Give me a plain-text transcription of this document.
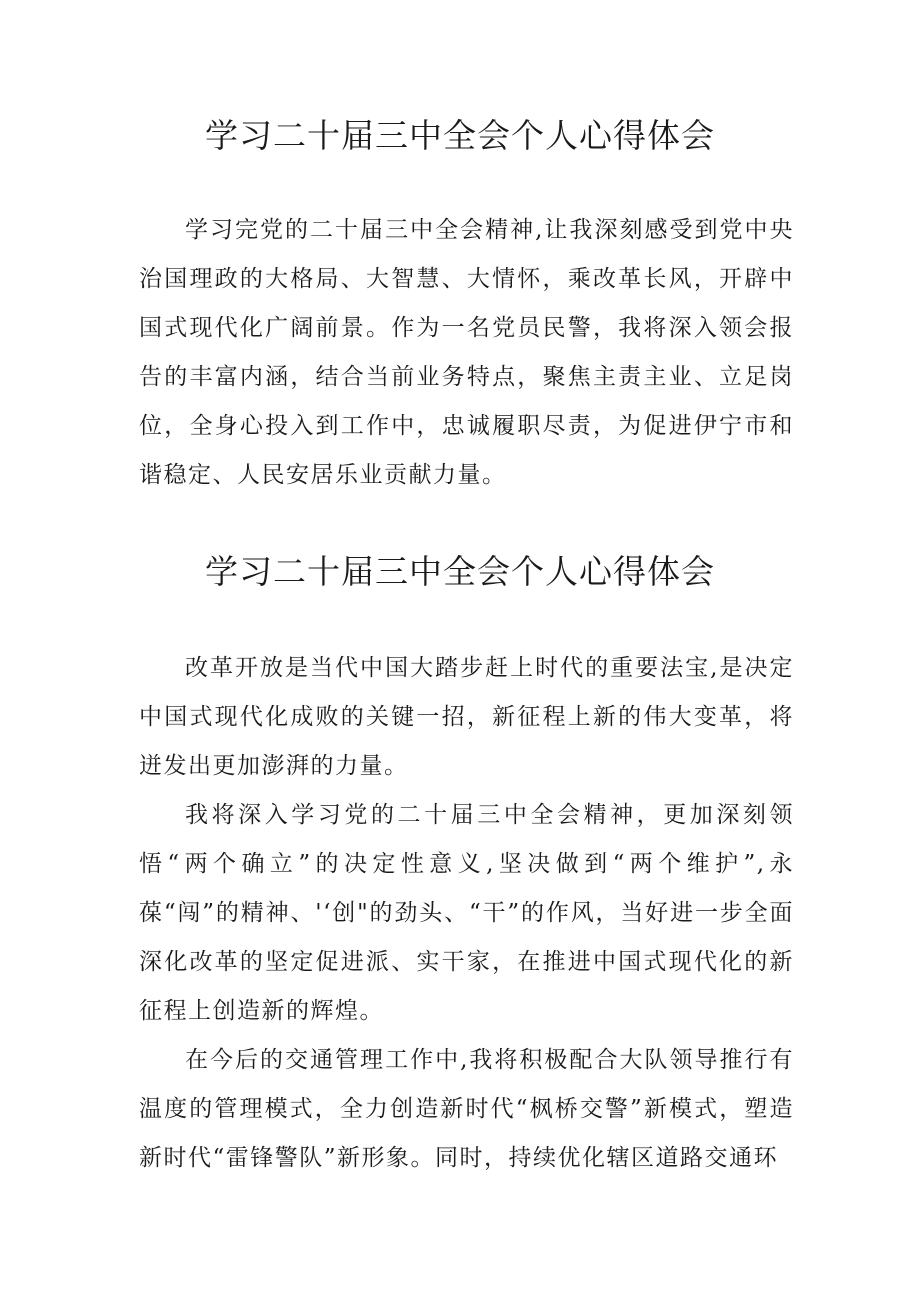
学习二十届三中全会个人心得体会

学习完党的二十届三中全会精神,让我深刻感受到党中央治国理政的大格局、大智慧、大情怀，乘改革长风，开辟中国式现代化广阔前景。作为一名党员民警，我将深入领会报告的丰富内涵，结合当前业务特点，聚焦主责主业、立足岗位，全身心投入到工作中，忠诚履职尽责，为促进伊宁市和谐稳定、人民安居乐业贡献力量。

学习二十届三中全会个人心得体会

改革开放是当代中国大踏步赶上时代的重要法宝,是决定中国式现代化成败的关键一招，新征程上新的伟大变革，将迸发出更加澎湃的力量。

我将深入学习党的二十届三中全会精神，更加深刻领悟“两个确立”的决定性意义,坚决做到“两个维护”,永葆“闯”的精神、'‘创"的劲头、“干”的作风，当好进一步全面深化改革的坚定促进派、实干家，在推进中国式现代化的新征程上创造新的辉煌。

在今后的交通管理工作中,我将积极配合大队领导推行有温度的管理模式，全力创造新时代“枫桥交警”新模式，塑造新时代“雷锋警队”新形象。同时，持续优化辖区道路交通环
